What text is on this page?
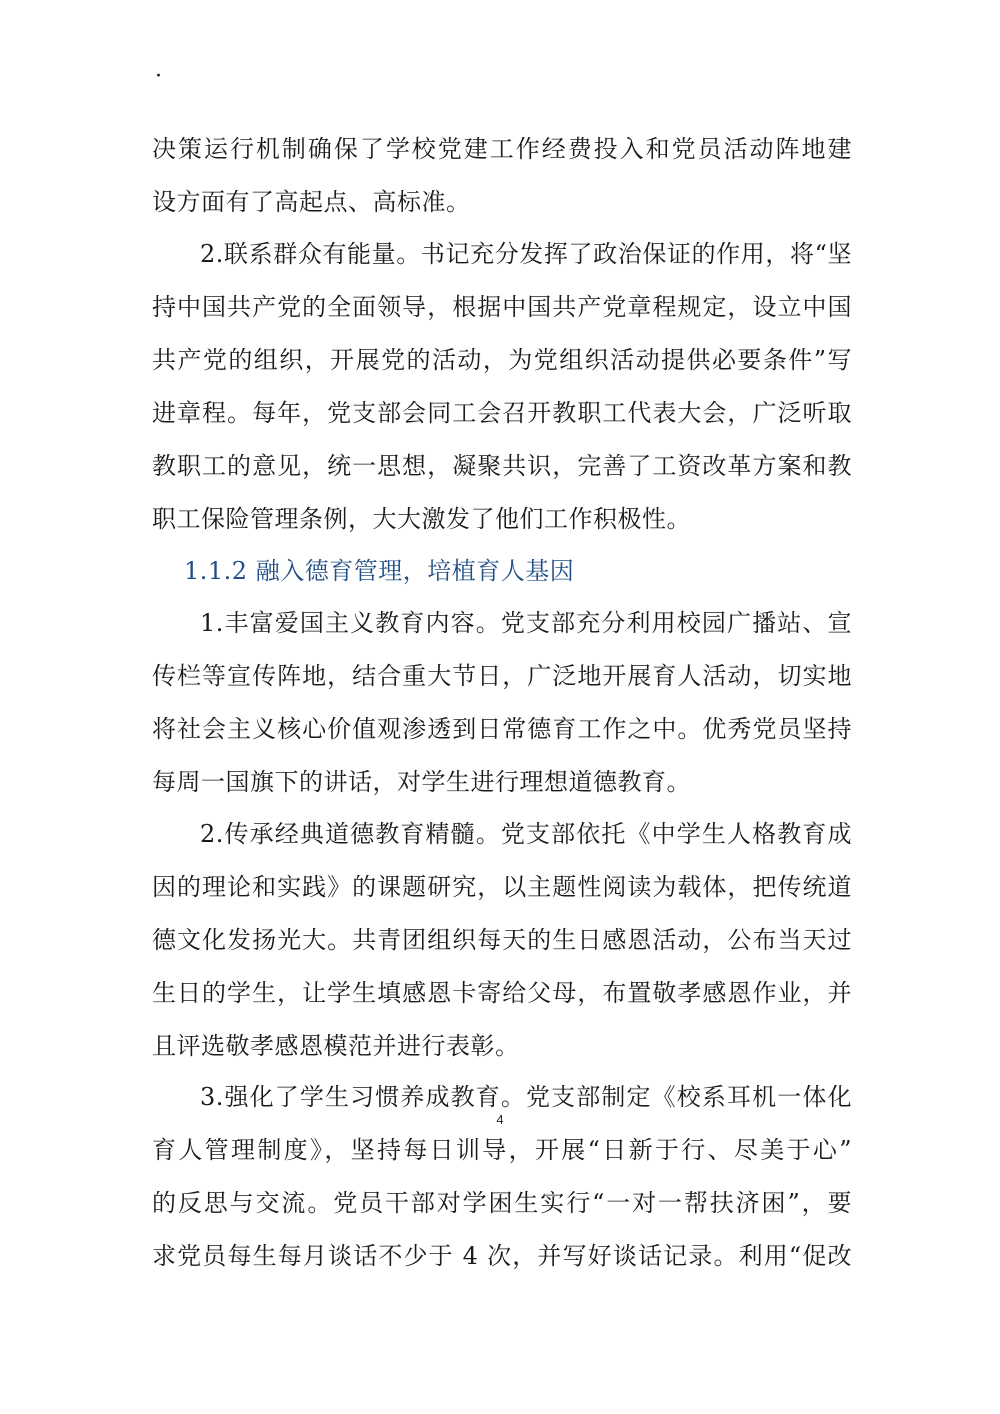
·
决策运行机制确保了学校党建工作经费投入和党员活动阵地建
设方面有了高起点、高标准。
2.联系群众有能量。书记充分发挥了政治保证的作用，将“坚
持中国共产党的全面领导，根据中国共产党章程规定，设立中国
共产党的组织，开展党的活动，为党组织活动提供必要条件”写
进章程。每年，党支部会同工会召开教职工代表大会，广泛听取
教职工的意见，统一思想，凝聚共识，完善了工资改革方案和教
职工保险管理条例，大大激发了他们工作积极性。
1.1.2 融入德育管理，培植育人基因
1.丰富爱国主义教育内容。党支部充分利用校园广播站、宣
传栏等宣传阵地，结合重大节日，广泛地开展育人活动，切实地
将社会主义核心价值观渗透到日常德育工作之中。优秀党员坚持
每周一国旗下的讲话，对学生进行理想道德教育。
2.传承经典道德教育精髓。党支部依托《中学生人格教育成
因的理论和实践》的课题研究，以主题性阅读为载体，把传统道
德文化发扬光大。共青团组织每天的生日感恩活动，公布当天过
生日的学生，让学生填感恩卡寄给父母，布置敬孝感恩作业，并
且评选敬孝感恩模范并进行表彰。
3.强化了学生习惯养成教育。党支部制定《校系耳机一体化
育人管理制度》，坚持每日训导，开展“日新于行、尽美于心”
的反思与交流。党员干部对学困生实行“一对一帮扶济困”，要
求党员每生每月谈话不少于 4 次，并写好谈话记录。利用“促改
4
